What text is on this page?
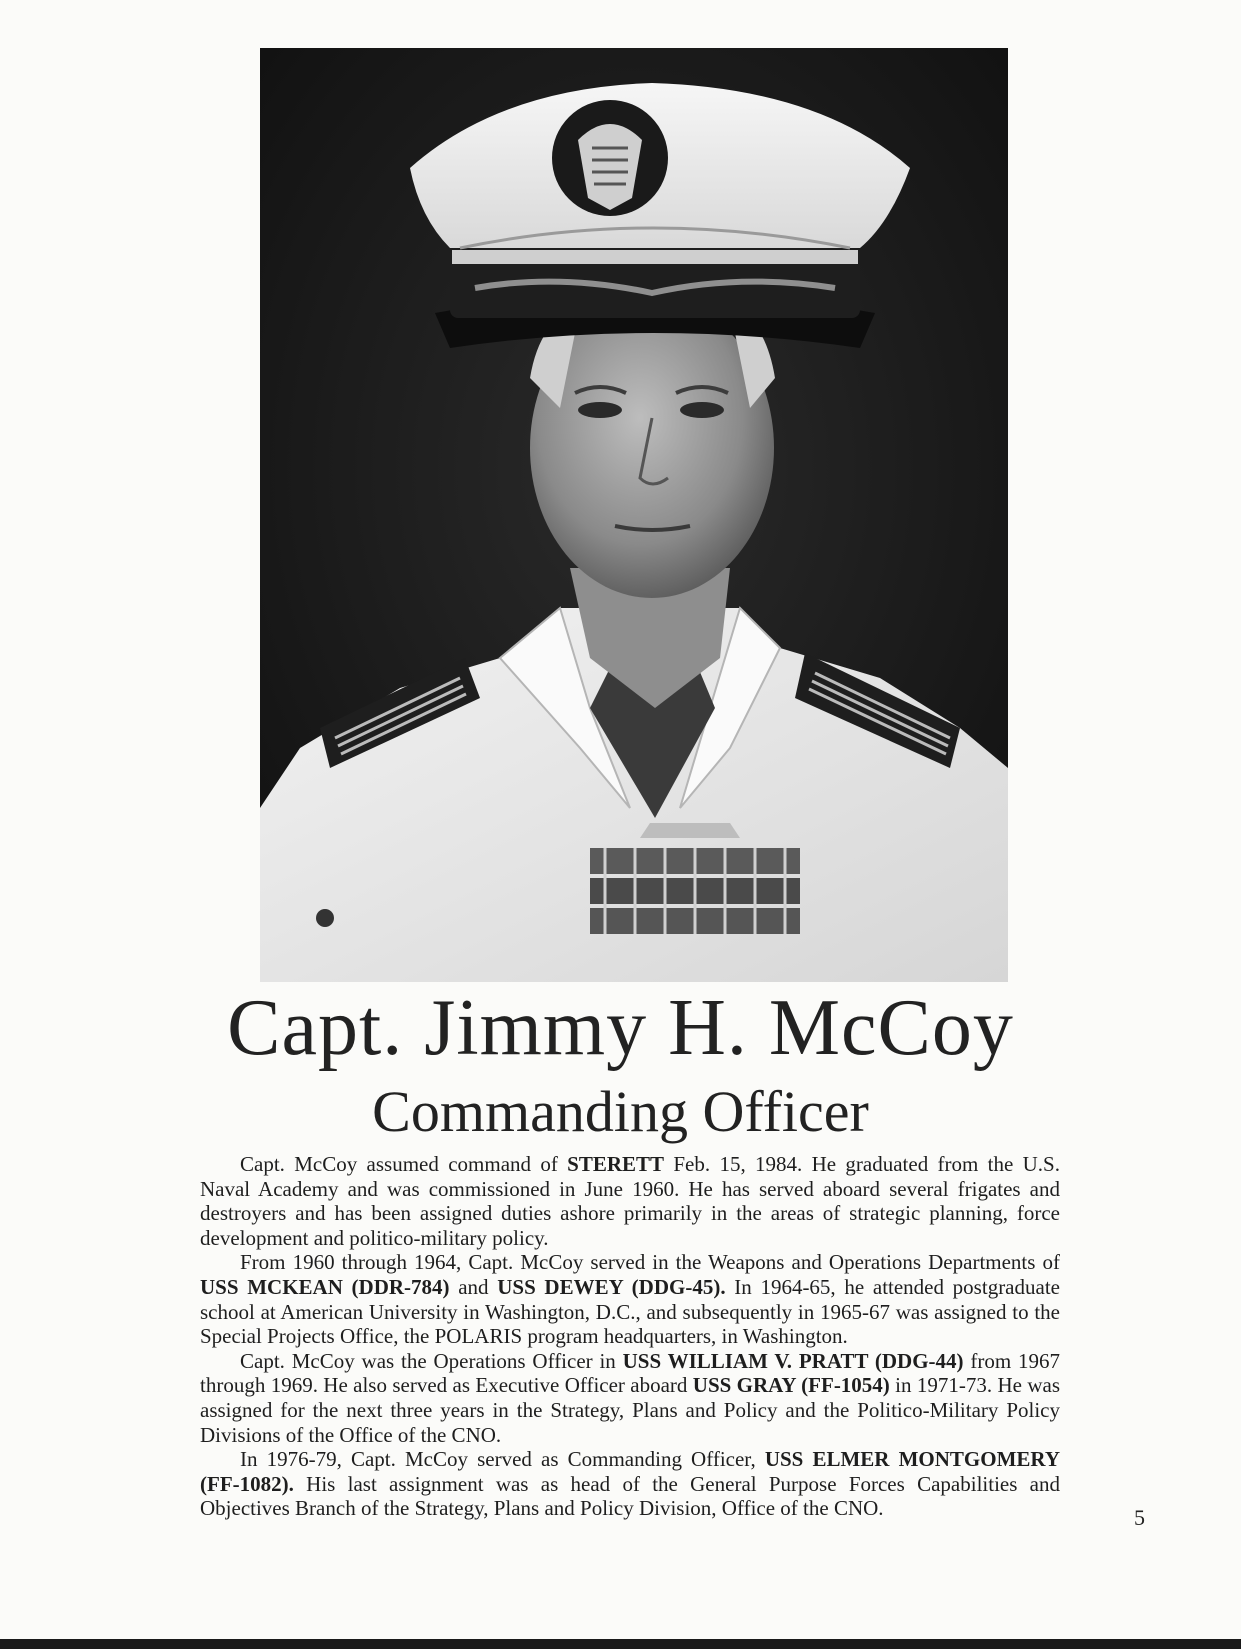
Capt. Jimmy H. McCoy
Commanding Officer

Capt. McCoy assumed command of STERETT Feb. 15, 1984. He graduated from the U.S. Naval Academy and was commissioned in June 1960. He has served aboard several frigates and destroyers and has been assigned duties ashore primarily in the areas of strategic planning, force development and politico-military policy.

From 1960 through 1964, Capt. McCoy served in the Weapons and Operations Departments of USS MCKEAN (DDR-784) and USS DEWEY (DDG-45). In 1964-65, he attended postgraduate school at American University in Washington, D.C., and subsequently in 1965-67 was assigned to the Special Projects Office, the POLARIS program headquarters, in Washington.

Capt. McCoy was the Operations Officer in USS WILLIAM V. PRATT (DDG-44) from 1967 through 1969. He also served as Executive Officer aboard USS GRAY (FF-1054) in 1971-73. He was assigned for the next three years in the Strategy, Plans and Policy and the Politico-Military Policy Divisions of the Office of the CNO.

In 1976-79, Capt. McCoy served as Commanding Officer, USS ELMER MONTGOMERY (FF-1082). His last assignment was as head of the General Purpose Forces Capabilities and Objectives Branch of the Strategy, Plans and Policy Division, Office of the CNO.	5
